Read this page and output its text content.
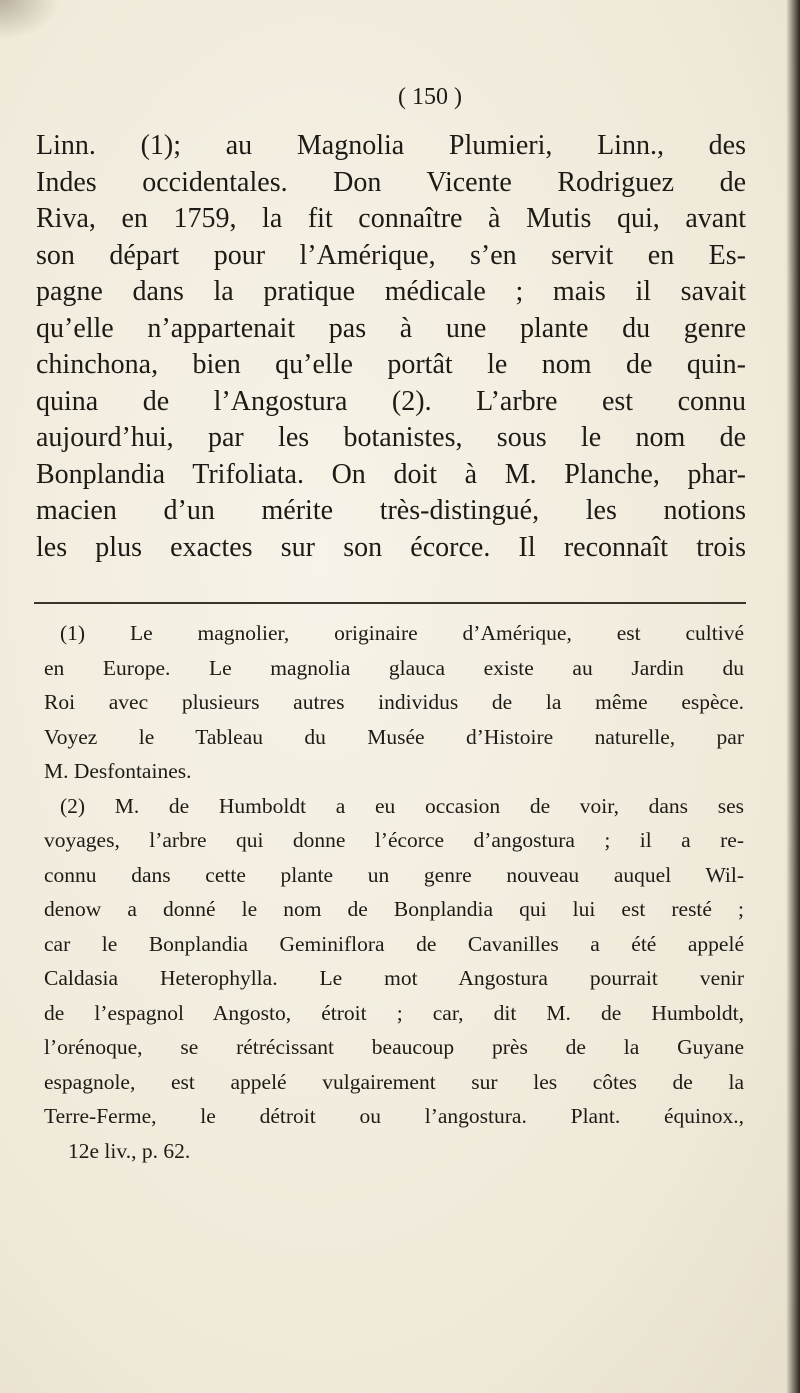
( 150 )
Linn. (1); au Magnolia Plumieri, Linn., des
Indes occidentales. Don Vicente Rodriguez de
Riva, en 1759, la fit connaître à Mutis qui, avant
son départ pour l’Amérique, s’en servit en Es-
pagne dans la pratique médicale ; mais il savait
qu’elle n’appartenait pas à une plante du genre
chinchona, bien qu’elle portât le nom de quin-
quina de l’Angostura (2). L’arbre est connu
aujourd’hui, par les botanistes, sous le nom de
Bonplandia Trifoliata. On doit à M. Planche, phar-
macien d’un mérite très-distingué, les notions
les plus exactes sur son écorce. Il reconnaît trois
(1) Le magnolier, originaire d’Amérique, est cultivé
en Europe. Le magnolia glauca existe au Jardin du
Roi avec plusieurs autres individus de la même espèce.
Voyez le Tableau du Musée d’Histoire naturelle, par
M. Desfontaines.
(2) M. de Humboldt a eu occasion de voir, dans ses
voyages, l’arbre qui donne l’écorce d’angostura ; il a re-
connu dans cette plante un genre nouveau auquel Wil-
denow a donné le nom de Bonplandia qui lui est resté ;
car le Bonplandia Geminiflora de Cavanilles a été appelé
Caldasia Heterophylla. Le mot Angostura pourrait venir
de l’espagnol Angosto, étroit ; car, dit M. de Humboldt,
l’orénoque, se rétrécissant beaucoup près de la Guyane
espagnole, est appelé vulgairement sur les côtes de la
Terre-Ferme, le détroit ou l’angostura. Plant. équinox.,
12e liv., p. 62.
